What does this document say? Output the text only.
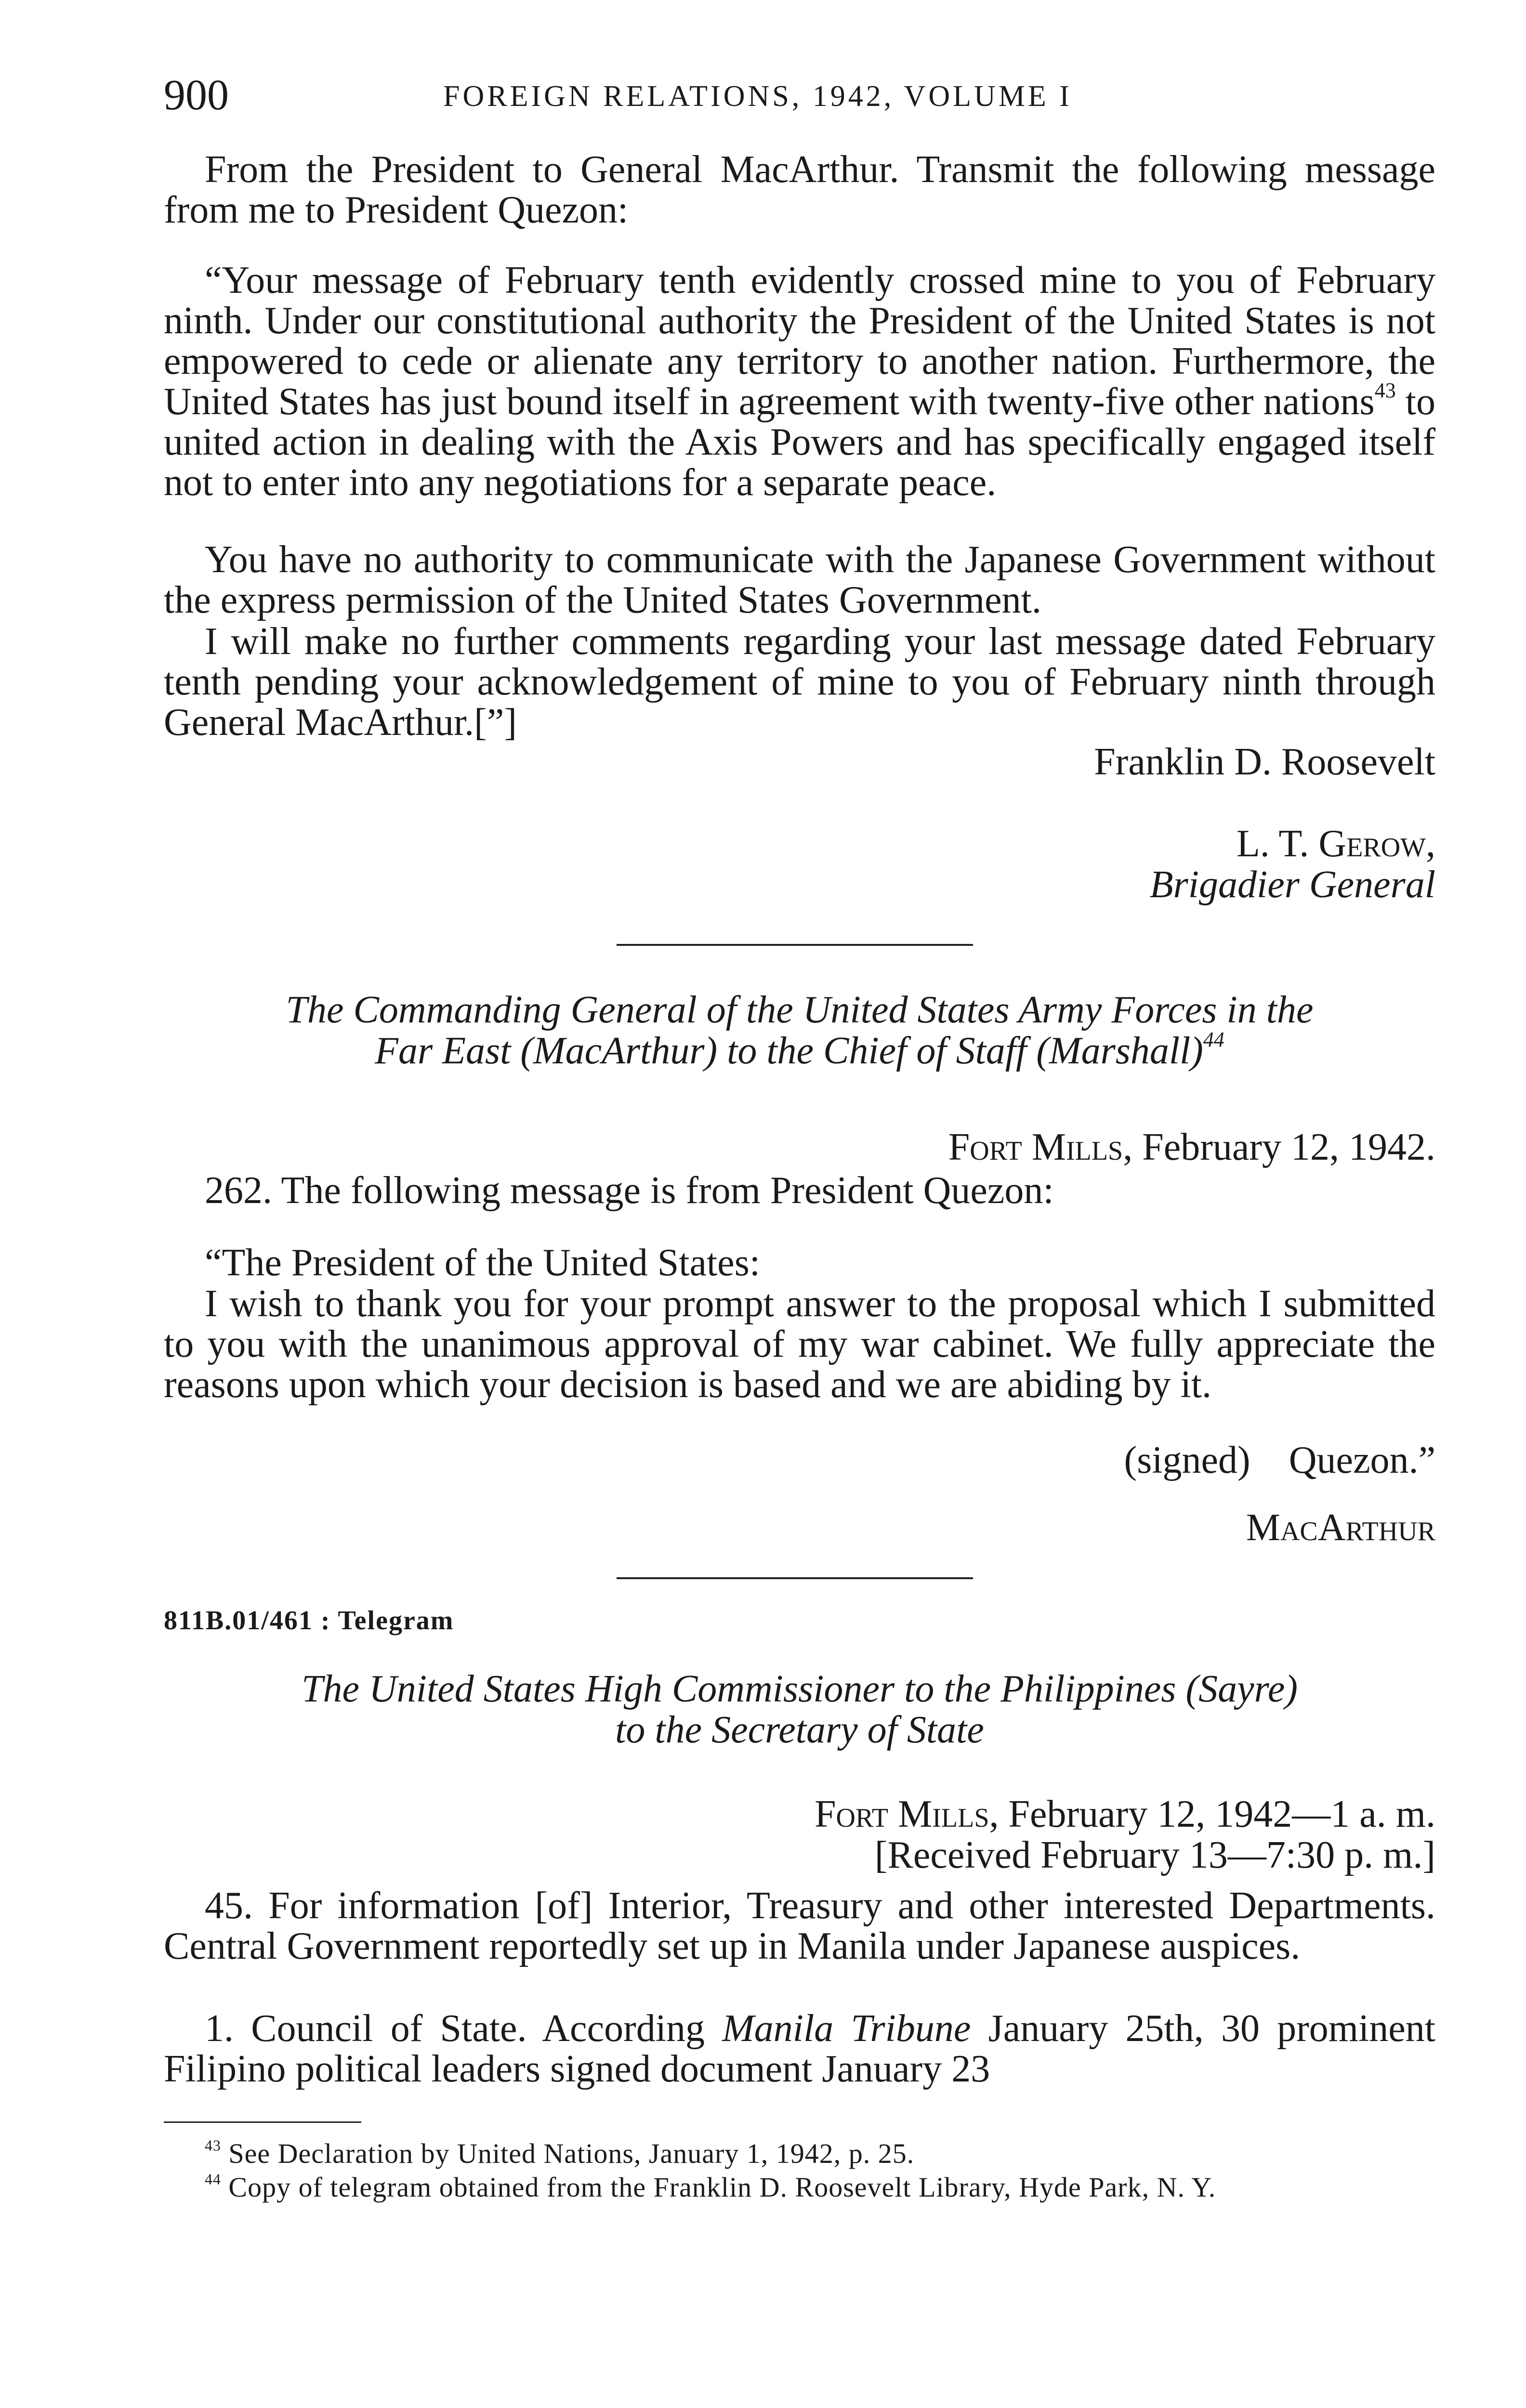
900	FOREIGN RELATIONS, 1942, VOLUME I

From the President to General MacArthur. Transmit the following message from me to President Quezon:

“Your message of February tenth evidently crossed mine to you of February ninth. Under our constitutional authority the President of the United States is not empowered to cede or alienate any territory to another nation. Furthermore, the United States has just bound itself in agreement with twenty-five other nations$^{43}$ to united action in dealing with the Axis Powers and has specifically engaged itself not to enter into any negotiations for a separate peace.

You have no authority to communicate with the Japanese Government without the express permission of the United States Government.

I will make no further comments regarding your last message dated February tenth pending your acknowledgement of mine to you of February ninth through General MacArthur.[”]

Franklin D. Roosevelt

L. T. Gerow,

Brigadier General

The Commanding General of the United States Army Forces in the

Far East (MacArthur) to the Chief of Staff (Marshall)$^{44}$

Fort Mills, February 12, 1942.

262. The following message is from President Quezon:

“The President of the United States:

I wish to thank you for your prompt answer to the proposal which I submitted to you with the unanimous approval of my war cabinet. We fully appreciate the reasons upon which your decision is based and we are abiding by it.

(signed)    Quezon.”

MacArthur

811B.01/461 : Telegram

The United States High Commissioner to the Philippines (Sayre)

to the Secretary of State

Fort Mills, February 12, 1942—1 a. m.

[Received February 13—7:30 p. m.]

45. For information [of] Interior, Treasury and other interested Departments. Central Government reportedly set up in Manila under Japanese auspices.

1. Council of State. According Manila Tribune January 25th, 30 prominent Filipino political leaders signed document January 23

$^{43}$ See Declaration by United Nations, January 1, 1942, p. 25.

$^{44}$ Copy of telegram obtained from the Franklin D. Roosevelt Library, Hyde Park, N. Y.
